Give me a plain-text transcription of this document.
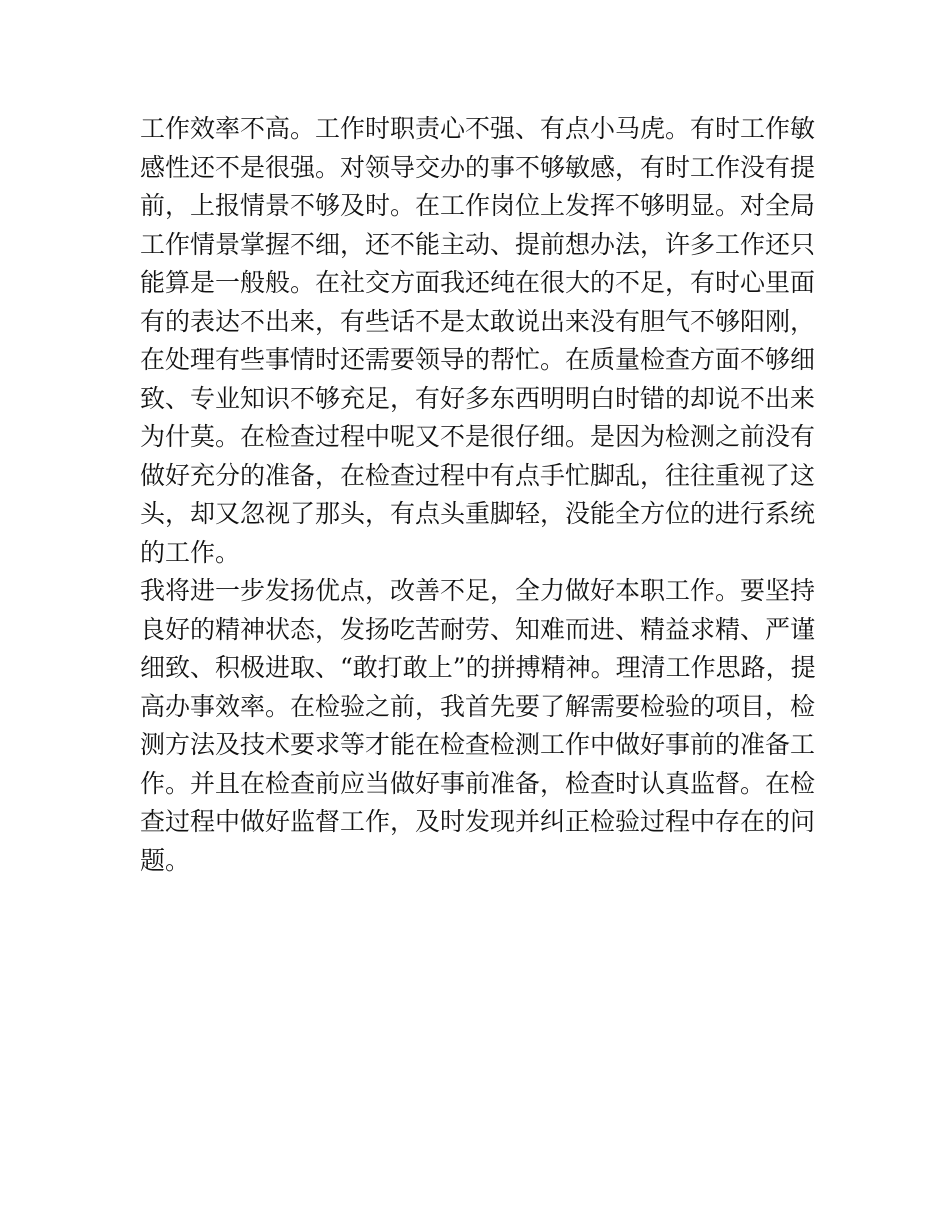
工作效率不高。工作时职责心不强、有点小马虎。有时工作敏
感性还不是很强。对领导交办的事不够敏感，有时工作没有提
前，上报情景不够及时。在工作岗位上发挥不够明显。对全局
工作情景掌握不细，还不能主动、提前想办法，许多工作还只
能算是一般般。在社交方面我还纯在很大的不足，有时心里面
有的表达不出来，有些话不是太敢说出来没有胆气不够阳刚，
在处理有些事情时还需要领导的帮忙。在质量检查方面不够细
致、专业知识不够充足，有好多东西明明白时错的却说不出来
为什莫。在检查过程中呢又不是很仔细。是因为检测之前没有
做好充分的准备，在检查过程中有点手忙脚乱，往往重视了这
头，却又忽视了那头，有点头重脚轻，没能全方位的进行系统
的工作。
我将进一步发扬优点，改善不足，全力做好本职工作。要坚持
良好的精神状态，发扬吃苦耐劳、知难而进、精益求精、严谨
细致、积极进取、“敢打敢上”的拼搏精神。理清工作思路，提
高办事效率。在检验之前，我首先要了解需要检验的项目，检
测方法及技术要求等才能在检查检测工作中做好事前的准备工
作。并且在检查前应当做好事前准备，检查时认真监督。在检
查过程中做好监督工作，及时发现并纠正检验过程中存在的问
题。
